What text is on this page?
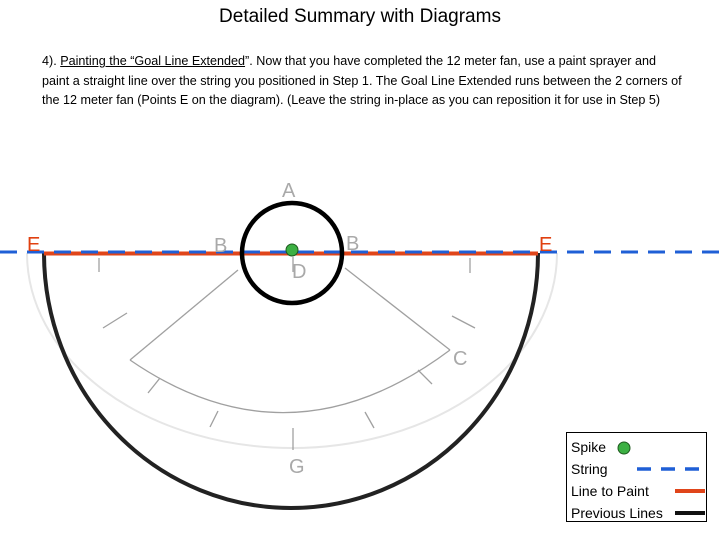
Detailed Summary with Diagrams
4). Painting the “Goal Line Extended”. Now that you have completed the 12 meter fan, use a paint sprayer and paint a straight line over the string you positioned in Step 1. The Goal Line Extended runs between the 2 corners of the 12 meter fan (Points E on the diagram). (Leave the string in-place as you can reposition it for use in Step 5)
A
B	B
D
C
G
E	E
Spike
String
Line to Paint
Previous Lines
